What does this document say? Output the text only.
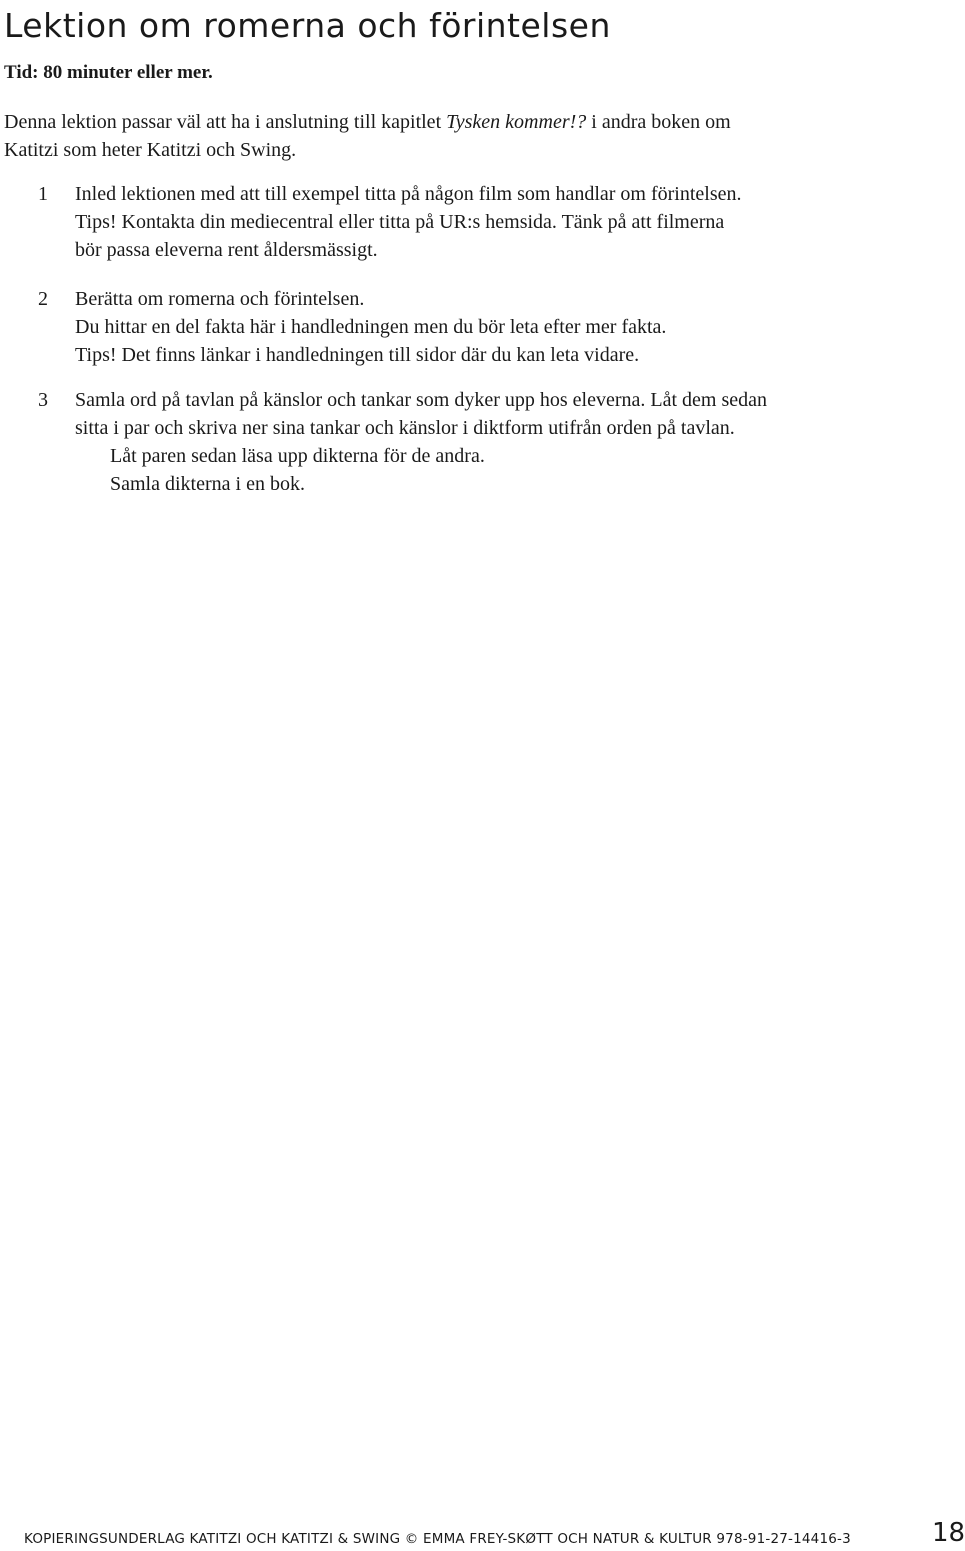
Lektion om romerna och förintelsen

Tid: 80 minuter eller mer.

Denna lektion passar väl att ha i anslutning till kapitlet Tysken kommer!? i andra boken om
Katitzi som heter Katitzi och Swing.

1 Inled lektionen med att till exempel titta på någon film som handlar om förintelsen.
Tips! Kontakta din mediecentral eller titta på UR:s hemsida. Tänk på att filmerna
bör passa eleverna rent åldersmässigt.
2 Berätta om romerna och förintelsen.
Du hittar en del fakta här i handledningen men du bör leta efter mer fakta.
Tips! Det finns länkar i handledningen till sidor där du kan leta vidare.
3 Samla ord på tavlan på känslor och tankar som dyker upp hos eleverna. Låt dem sedan
sitta i par och skriva ner sina tankar och känslor i diktform utifrån orden på tavlan.
Låt paren sedan läsa upp dikterna för de andra.
Samla dikterna i en bok.
KOPIERINGSUNDERLAG KATITZI OCH KATITZI & SWING © EMMA FREY-SKØTT OCH NATUR & KULTUR 978-91-27-14416-3	18
